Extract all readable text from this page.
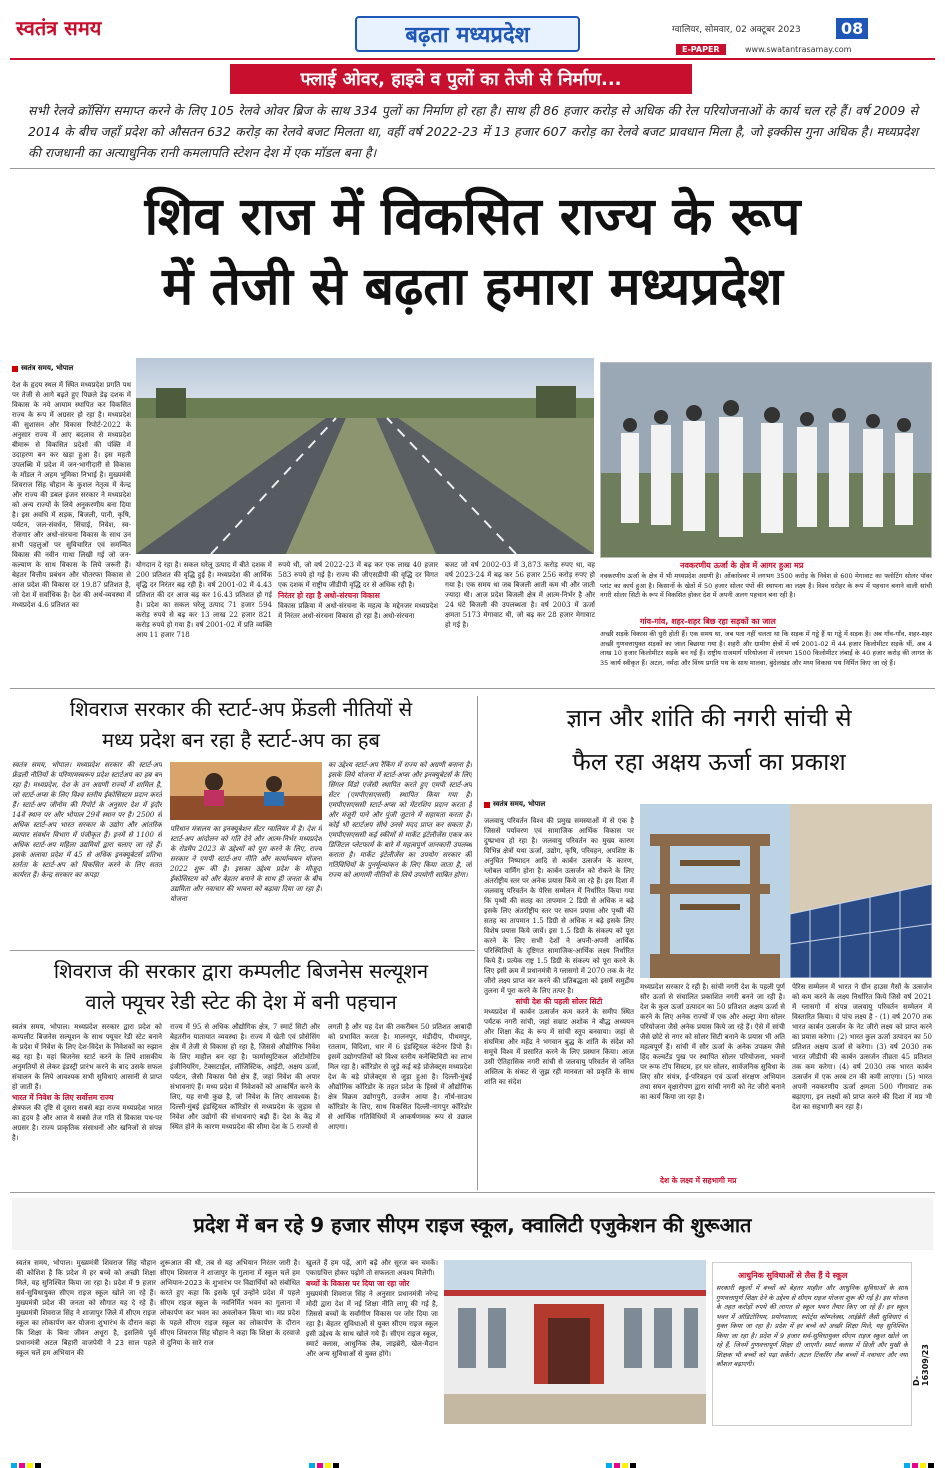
स्वतंत्र समय	बढ़ता मध्यप्रदेश	ग्वालियर, सोमवार, 02 अक्टूबर 2023	08
E-PAPER	www.swatantrasamay.com
फ्लाई ओवर, हाइवे व पुलों का तेजी से निर्माण...
सभी रेलवे क्रॉसिंग समाप्त करने के लिए 105 रेलवे ओवर ब्रिज के साथ 334 पुलों का निर्माण हो रहा है। साथ ही 86 हजार करोड़ से अधिक की रेल परियोजनाओं के कार्य चल रहे हैं। वर्ष 2009 से 2014 के बीच जहाँ प्रदेश को औसतन 632 करोड़ का रेलवे बजट मिलता था, वहीं वर्ष 2022-23 में 13 हजार 607 करोड़ का रेलवे बजट प्रावधान मिला है, जो इक्कीस गुना अधिक है। मध्यप्रदेश की राजधानी का अत्याधुनिक रानी कमलापति स्टेशन देश में एक मॉडल बना है।
शिव राज में विकसित राज्य के रूप
में तेजी से बढ़ता हमारा मध्यप्रदेश
स्वतंत्र समय, भोपाल
देश के हृदय स्थल में स्थित मध्यप्रदेश प्रगति पथ पर तेजी से आगे बढ़ते हुए पिछले डेढ़ दशक में विकास के नये आयाम स्थापित कर विकसित राज्य के रूप में अग्रसर हो रहा है। मध्यप्रदेश की सुशासन और विकास रिपोर्ट-2022 के अनुसार राज्य में आए बदलाव से मध्यप्रदेश बीमारू से विकसित प्रदेशों की पंक्ति में उदाहरण बन कर खड़ा हुआ है। इस महती उपलब्धि में प्रदेश में जन-भागीदारी से विकास के मॉडल ने अहम भूमिका निभाई है। मुख्यमंत्री शिवराज सिंह चौहान के कुशल नेतृत्व में केन्द्र और राज्य की डबल इंजन सरकार ने मध्यप्रदेश को अन्य राज्यों के लिये अनुकरणीय बना दिया है। इस अवधि में सड़क, बिजली, पानी, कृषि, पर्यटन, जल-संवर्धन, सिंचाई, निवेश, स्व-रोजगार और अधो-संरचना विकास के साथ उन सभी पहलुओं पर सुविचारित एवं समन्वित विकास की नवीन गाथा लिखी गई जो जन-कल्याण के साथ विकास के लिये जरूरी हैं। बेहतर वित्तीय प्रबंधन और चौतरफा विकास से आज प्रदेश की विकास दर 19.87 प्रतिशत है, जो देश में सर्वाधिक है। देश की अर्थ-व्यवस्था में मध्यप्रदेश 4.6 प्रतिशत का
योगदान दे रहा है। सकल घरेलू उत्पाद में बीते दशक में 200 प्रतिशत की वृद्धि हुई है। मध्यप्रदेश की आर्थिक वृद्धि दर निरंतर बढ़ रही है। वर्ष 2001-02 में 4.43 प्रतिशत की दर आज बढ़ कर 16.43 प्रतिशत हो गई है। प्रदेश का सकल घरेलू उत्पाद 71 हजार 594 करोड़ रुपये से बढ़ कर 13 लाख 22 हजार 821 करोड़ रुपये हो गया है। वर्ष 2001-02 में प्रति व्यक्ति आय 11 हजार 718
रुपये थी, जो वर्ष 2022-23 में बढ़ कर एक लाख 40 हजार 583 रुपये हो गई है। राज्य की जीएसडीपी की वृद्धि दर विगत एक दशक में राष्ट्रीय जीडीपी वृद्धि दर से अधिक रही है।
निरंतर हो रहा है अधो-संरचना विकास
विकास प्रक्रिया में अधो-संरचना के महत्व के मद्देनजर मध्यप्रदेश में निरंतर अधो-संरचना विकास हो रहा है। अधो-संरचना
बजट जो वर्ष 2002-03 में 3,873 करोड़ रुपए था, वह वर्ष 2023-24 में बढ़ कर 56 हजार 256 करोड़ रुपए हो गया है। एक समय था जब बिजली आती कम थी और जाती ज्यादा थी। आज प्रदेश बिजली क्षेत्र में आत्म-निर्भर है और 24 घंटे बिजली की उपलब्धता है। वर्ष 2003 में ऊर्जा क्षमता 5173 मेगावाट थी, जो बढ़ कर 28 हजार मेगावाट हो गई है।
नवकरणीय ऊर्जा के क्षेत्र में आगर हुआ मप्र
नवकरणीय ऊर्जा के क्षेत्र में भी मध्यप्रदेश अग्रणी है। ओंकारेश्वर में लगभग 3500 करोड़ के निवेश से 600 मेगावाट का फ्लोटिंग सोलर पॉवर प्लांट का कार्य हुआ है। किसानों के खेतों में 50 हजार सोलर पंपों की स्थापना का लक्ष्य है। विश्व धरोहर के रूप में पहचान बनाने वाली सांची नगरी सोलर सिटी के रूप में विकसित होकर देश में अपनी अलग पहचान बना रही है।
गांव-गांव, शहर-शहर बिछ रहा सड़कों का जाल
अच्छी सड़कें विकास की धुरी होती हैं। एक समय था, जब पता नहीं चलता था कि सड़क में गड्ढे हैं या गड्ढे में सड़क है। अब गाँव-गाँव, शहर-शहर अच्छी गुणवत्तायुक्त सड़कों का जाल बिछाया गया है। शहरी और ग्रामीण क्षेत्रों में वर्ष 2001-02 में 44 हजार किलोमीटर सड़कें थीं, अब 4 लाख 10 हजार किलोमीटर सड़कें बन गईं हैं। राष्ट्रीय राजमार्ग परियोजना में लगभग 1500 किलोमीटर लंबाई के 40 हजार करोड़ की लागत के 35 कार्य स्वीकृत हैं। अटल, नर्मदा और विंध्य प्रगति पथ के साथ मालवा, बुंदेलखंड और मध्य विकास पथ निर्मित किए जा रहे हैं।
शिवराज सरकार की स्टार्ट-अप फ्रेंडली नीतियों से
मध्य प्रदेश बन रहा है स्टार्ट-अप का हब
स्वतंत्र समय, भोपाल। मध्यप्रदेश सरकार की स्टार्ट-अप फ्रेंडली नीतियों के परिणामस्वरूप प्रदेश स्टार्टअप का हब बन रहा है। मध्यप्रदेश, देश के उन अग्रणी राज्यों में शामिल है, जो स्टार्ट-अप्स के लिए विश्व स्तरीय ईकोसिस्टम प्रदान करते हैं। स्टार्ट-अप जीनोम की रिपोर्ट के अनुसार देश में इंदौर 14वें स्थान पर और भोपाल 29वें स्थान पर है। 2500 से अधिक स्टार्ट-अप भारत सरकार के उद्योग और आंतरिक व्यापार संवर्धन विभाग में पंजीकृत हैं। इनमें से 1100 से अधिक स्टार्ट-अप महिला उद्यमियों द्वारा चलाए जा रहे हैं। इसके अलावा प्रदेश में 45 से अधिक इनक्यूबेटर्स प्रतिभा स्तर्रता के स्टार्ट-अप को विकसित करने के लिए सतत कार्यरत हैं। केन्द्र सरकार का कपड़ा
परिधान मंत्रालय का इनक्यूबेशन सेंटर ग्वालियर में है। देश में स्टार्ट-अप आंदोलन को गति देने और आत्म-निर्भर मध्यप्रदेश के रोडमैप 2023 के उद्देश्यों को पूरा करने के लिए, राज्य सरकार ने एमपी स्टार्ट-अप नीति और कार्यान्वयन योजना 2022 शुरू की है। इसका उद्देश्य प्रदेश के मौजूदा ईकोसिस्टम को और बेहतर बनाने के साथ ही जनता के बीच उद्यमिता और नवाचार की भावना को बढ़ावा दिया जा रहा है। योजना
का उद्देश्य स्टार्ट-अप रैंकिंग में राज्य को अग्रणी बनाना है। इसके लिये योजना में स्टार्ट-अप्स और इनक्यूबेटर्स के लिए सिंगल विंडो एजेंसी स्थापित करते हुए एमपी स्टार्ट-अप सेंटर (एमपीएसएससी) स्थापित किया गया है। एमपीएसएससी स्टार्ट-अप्स को मेंटरशिप प्रदान करता है और मंजूरी पाने और पूंजी जुटाने में सहायता करता है। कोई भी स्टार्टअप सीधे उनसे मदद प्राप्त कर सकता है। एमपीएसएससी कई स्कीमों से मार्केट इंटेलीजेंस एकत्र कर डिजिटल प्लेटफार्म के बारे में महत्वपूर्ण जानकारी उपलब्ध कराता है। मार्केट इंटेलीजेंस का उपयोग सरकार की गतिविधियों के पुनर्मूल्यांकन के लिए किया जाता है, जो राज्य को आगामी नीतियों के लिये उपयोगी साबित होगा।
शिवराज की सरकार द्वारा कम्पलीट बिजनेस सल्यूशन
वाले फ्यूचर रेडी स्टेट की देश में बनी पहचान
स्वतंत्र समय, भोपाल। मध्यप्रदेश सरकार द्वारा प्रदेश को कम्पलीट बिजनेस सल्यूशन के साथ फ्यूचर रेडी स्टेट बनाने के प्रदेश में निवेश के लिए देश-विदेश के निवेशकों का रुझान बढ़ रहा है। यहां बिजनेस स्टार्ट करने के लिये शासकीय अनुमतियों से लेकर इंडस्ट्री प्रारंभ करने के बाद उसके सफल संचालन के लिये आवश्यक सभी सुविधाएं आसानी से प्राप्त हो जाती हैं।
भारत में निवेश के लिए सर्वोत्तम राज्य
क्षेत्रफल की दृष्टि से दूसरा सबसे बड़ा राज्य मध्यप्रदेश भारत का हृदय है और आज ये सबसे तेज गति से विकास पथ-पर अग्रसर है। राज्य प्राकृतिक संसाधनों और खनिजों से संपन्न है।
राज्य में 95 से अधिक औद्योगिक क्षेत्र, 7 स्मार्ट सिटी और बेहतरीन यातायात व्यवस्था है। राज्य में खेती एवं प्रोसेसिंग क्षेत्र में तेजी से विकास हो रहा है, जिससे औद्योगिक निवेश के लिए माहौल बन रहा है। फार्मास्युटिकल ऑटोमोटिव इंजीनियरिंग, टेक्सटाईल, लॉजिस्टिक, आईटी, अक्षय ऊर्जा, पर्यटन, जैसी विकास पैसे क्षेत्र हैं, जहां निवेश की अपार संभावनाएं हैं। मध्य प्रदेश में निवेशकों को आकर्षित करने के लिए, यह सभी कुछ है, जो निवेश के लिए आवश्यक है। दिल्ली-मुंबई इंडस्ट्रियल कॉरिडोर से मध्यप्रदेश के जुड़ाव से निवेश और उद्योगों की संभावनाएं बढ़ी हैं। देश के केंद्र में स्थित होने के कारण मध्यप्रदेश की सीमा देश के 5 राज्यों से
लगती है और यह देश की तकरीबन 50 प्रतिशत आबादी को प्रभावित करता है। मालनपुर, मंडीदीप, पीथमपुर, रतलाम, विदिशा, धार में 6 इंडस्ट्रियल कंटेनर डिपो है। इसमें उद्योगपतियों को विश्व स्तरीय कनेक्टिविटी का लाभ मिल रहा है। कॉरिडोर से जुड़े कई बड़े प्रोजेक्ट्स मध्यप्रदेश देश के बड़े प्रोजेक्ट्स से जुड़ा हुआ है। दिल्ली-मुंबई औद्योगिक कॉरिडोर के तहत प्रदेश के हिस्से में औद्योगिक क्षेत्र विक्रम उद्योगपुरी, उज्जैन आया है। नॉर्थ-साउथ कॉरिडोर के लिए, साथ विकसित दिल्ली-नागपुर कॉरिडोर से आर्थिक गतिविधियों में आकर्षणमक रूप से उछाल आएगा।
ज्ञान और शांति की नगरी सांची से
फैल रहा अक्षय ऊर्जा का प्रकाश
स्वतंत्र समय, भोपाल
जलवायु परिवर्तन विश्व की प्रमुख समस्याओं में से एक है जिससे पर्यावरण एवं सामाजिक आर्थिक विकास पर दुष्प्रभाव हो रहा है। जलवायु परिवर्तन का मुख्य कारण विभिन्न क्षेत्रों यथा ऊर्जा, उद्योग, कृषि, परिवहन, अपशिष्ट के अनुचित निष्पादन आदि से कार्बन उत्सर्जन के कारण, ग्लोबल वार्मिंग होना है। कार्बन उत्सर्जन को रोकने के लिए अंतर्राष्ट्रीय स्तर पर अनेक प्रयास किये जा रहे हैं। इस दिशा में जलवायु परिवर्तन के पेरिस सम्मेलन में निर्धारित किया गया कि पृथ्वी की सतह का तापमान 2 डिग्री से अधिक न बढ़े इसके लिए अंतर्राष्ट्रीय स्तर पर सघन प्रयास और पृथ्वी की सतह का तापमान 1.5 डिग्री से अधिक न बढ़े इसके लिए विशेष प्रयास किये जायें। इस 1.5 डिग्री के संकल्प को पूरा करने के लिए सभी देशों ने अपनी-अपनी आर्थिक परिस्थितियों के दृष्टिगत सामाजिक-आर्थिक लक्ष्य निर्धारित किये हैं। प्रत्येक राष्ट्र 1.5 डिग्री के संकल्प को पूरा करने के लिए इसी क्रम में प्रधानमंत्री ने ग्लासगो में 2070 तक के नेट जीरो लक्ष्य प्राप्त कर करने की प्रतिबद्धता को इसमें समुद्रीय तुलना में पूरा करने के लिए तत्पर है।
सांची देश की पहली सोलर सिटी
मध्यप्रदेश में कार्बन उत्सर्जन कम करने के समीप स्थित पर्यटक नगरी सांची, जहां सम्राट अशोक ने बौद्ध अध्ययन और शिक्षा केंद्र के रूप में सांची स्तूप बनवाया। जहां से संघमित्रा और महेंद्र ने भगवान बुद्ध के शांति के संदेश को समूचे विश्व में प्रसारित करने के लिए प्रस्थान किया। आज उसी ऐतिहासिक नगरी सांची से जलवायु परिवर्तन से जनित अस्तित्व के संकट से जुझ रही मानवता को प्रकृति के साथ शांति का संदेश
मध्यप्रदेश सरकार दे रही है। सांची नगरी देश के पहली पूर्ण सौर ऊर्जा से संचालित प्रकाशित नगरी बनने जा रही है। देश के कुल ऊर्जा उत्पादन का 50 प्रतिशत अक्षय ऊर्जा से करने के लिए अनेक राज्यों में एक और अल्ट्रा मेगा सोलर परियोजना जैसे अनेक प्रयास किये जा रहे हैं। ऐसे में सांची जैसे छोटे से नगर को सोलर सिटी बनाने के प्रयास भी अति महत्वपूर्ण हैं। सांची में सौर ऊर्जा के अनेक उपक्रम जैसे हिंद कल्वर्टेड पुख पर स्थापित सोलर परियोजना, भवनों पर रूफ टॉप सिस्टम, हर घर सोलर, सार्वजनिक सुविधा के लिए सौर संयंत्र, ई-परिवहन एवं ऊर्जा संरक्षण अभियान तथा सघन वृक्षारोपण द्वारा सांची नगरी को नेट जीरो बनाने का कार्य किया जा रहा है।
देश के लक्ष्य में सहभागी मप्र
पेरिस सम्मेलन में भारत ने ग्रीन हाउस गैसों के उत्सर्जन को कम करने के लक्ष्य निर्धारित किये जिसे वर्ष 2021 में ग्लासगो में संपन्न जलवायु परिवर्तन सम्मेलन में विस्तारित किया। ये पांच लक्ष्य है - (1) वर्ष 2070 तक भारत कार्बन उत्सर्जन के नेट जीरो लक्ष्य को प्राप्त करने का प्रयास करेगा। (2) भारत कुल ऊर्जा उत्पादन का 50 प्रतिशत अक्षय ऊर्जा से करेगा। (3) वर्ष 2030 तक भारत जीडीपी की कार्बन उत्सर्जन तीव्रता 45 प्रतिशत तक कम करेगा। (4) वर्ष 2030 तक भारत कार्बन उत्सर्जन में एक अरब टन की कमी लाएगा। (5) भारत अपनी नवकरणीय ऊर्जा क्षमता 500 गीगावाट तक बढ़ाएगा, इन लक्ष्यों को प्राप्त करने की दिशा में मप्र भी देश का सहभागी बन रहा है।
प्रदेश में बन रहे 9 हजार सीएम राइज स्कूल, क्वालिटी एजुकेशन की शुरूआत
स्वतंत्र समय, भोपाल। मुख्यमंत्री शिवराज सिंह चौहान की कोशिश है कि प्रदेश में हर बच्चे को अच्छी शिक्षा मिले, यह सुनिश्चित किया जा रहा है। प्रदेश में 9 हजार सर्व-सुविधायुक्त सीएम राइज स्कूल खोले जा रहे हैं। मुख्यमंत्री प्रदेश की जनता को सौगात यह दे रहे हैं। मुख्यमंत्री शिवराज सिंह ने शाजापुर जिले में सीएम राइज स्कूल का लोकार्पण कर योजना शुभारंभ के दौरान कहा कि शिक्षा के बिना जीवन अधूरा है, इसलिये पूर्व प्रधानमंत्री अटल बिहारी वाजपेयी ने 23 साल पहले स्कूल चलें हम अभियान की
शुरूआत की थी, तब से यह अभियान निरंतर जारी है। सीएम शिवराज ने शाजापुर के गुलाना में स्कूल चलें हम अभियान-2023 के शुभारंभ पर विद्यार्थियों को संबोधित करते हुए कहा कि इसके पूर्व उन्होंने प्रदेश में पहले सीएम राइज स्कूल के नवनिर्मित भवन का गुलाना में लोकार्पण कर भवन का अवलोकन किया था। मप्र प्रदेश के पहले सीएम राइज स्कूल का लोकार्पण के दौरान सीएम शिवराज सिंह चौहान ने कहा कि शिक्षा के दरवाजे से दुनिया के सारे राज
खुलते हैं हम पढ़ें, आगे बढ़ें और सूरज बन चमकें। एकाग्रचित्त होकर पढ़ोगे तो सफलता अवश्य मिलेगी।
बच्चों के विकास पर दिया जा रहा जोर
मुख्यमंत्री शिवराज सिंह ने अनुसार प्रधानमंत्री नरेन्द्र मोदी द्वारा देश में नई शिक्षा नीति लागू की गई है, जिससे बच्चों के सर्वांगीण विकास पर जोर दिया जा रहा है। बेहतर सुविधाओं से युक्त सीएम राइज स्कूल इसी उद्देश्य के साथ खोले गये हैं। सीएम राइज स्कूल, स्मार्ट क्लास, आधुनिक लैब, लाइब्रेरी, खेल-मैदान और अन्य सुविधाओं से युक्त होंगे।
आधुनिक सुविधाओं से लैस हैं ये स्कूल
सरकारी स्कूलों में बच्चों को बेहतर माहौल और आधुनिक सुविधाओं के साथ गुणवत्तापूर्ण शिक्षा देने के उद्देश्य से सीएम राइज योजना शुरू की गई है। इस योजना के तहत करोड़ों रुपये की लागत से स्कूल भवन तैयार किए जा रहे हैं। इन स्कूल भवन में ऑडिटोरियम, प्रयोगशाला, स्पोर्ट्स कॉम्प्लेक्स, लाईब्रेरी जैसी सुविधाएं से युक्त किया जा रहा है। प्रदेश में हर बच्चे को अच्छी शिक्षा मिले, यह सुनिश्चित किया जा रहा है। प्रदेश में 9 हजार सर्व-सुविधायुक्त सीएम राइज स्कूल खोले जा रहे हैं, जिनमें गुणवत्तापूर्ण शिक्षा दी जाएगी। स्मार्ट क्लास में डिजी और मुखी के शिक्षक भी बच्चों को पढ़ा सकेंगे। अटल टिंकरिंग लैब बच्चों में नवाचार और नया कौशल बढ़ाएगी।
D-16309/23
